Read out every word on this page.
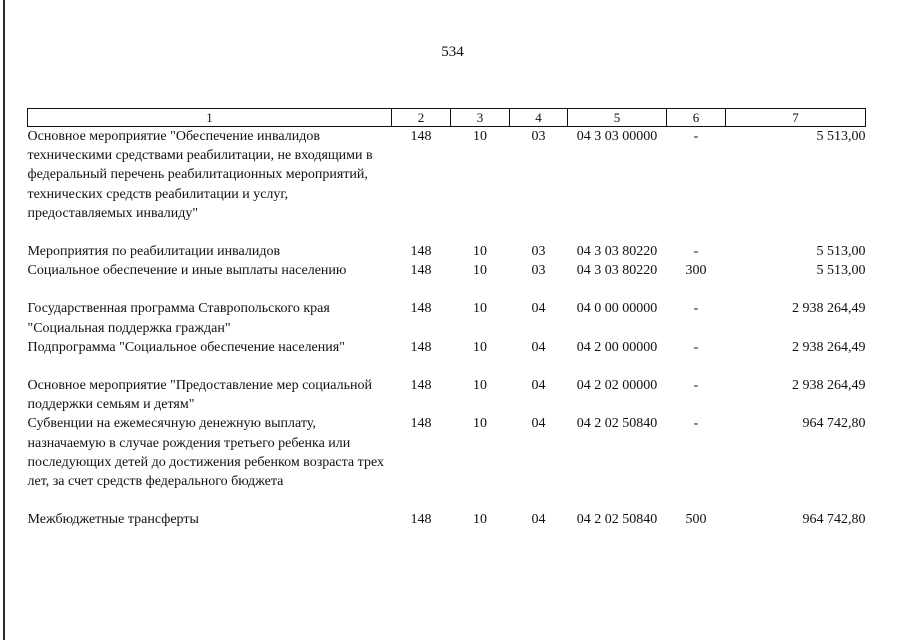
534
1	2	3	4	5	6	7
Основное мероприятие "Обеспечение инвалидов техническими средствами реабилитации, не входящими в федеральный перечень реабилитационных мероприятий, технических средств реабилитации и услуг, предоставляемых инвалиду"	148	10	03	04 3 03 00000	-	5 513,00

Мероприятия по реабилитации инвалидов	148	10	03	04 3 03 80220	-	5 513,00
Социальное обеспечение и иные выплаты населению	148	10	03	04 3 03 80220	300	5 513,00

Государственная программа Ставропольского края "Социальная поддержка граждан"	148	10	04	04 0 00 00000	-	2 938 264,49
Подпрограмма "Социальное обеспечение населения"	148	10	04	04 2 00 00000	-	2 938 264,49

Основное мероприятие "Предоставление мер социальной поддержки семьям и детям"	148	10	04	04 2 02 00000	-	2 938 264,49
Субвенции на ежемесячную денежную выплату, назначаемую в случае рождения третьего ребенка или последующих детей до достижения ребенком возраста трех лет, за счет средств федерального бюджета	148	10	04	04 2 02 50840	-	964 742,80

Межбюджетные трансферты	148	10	04	04 2 02 50840	500	964 742,80
